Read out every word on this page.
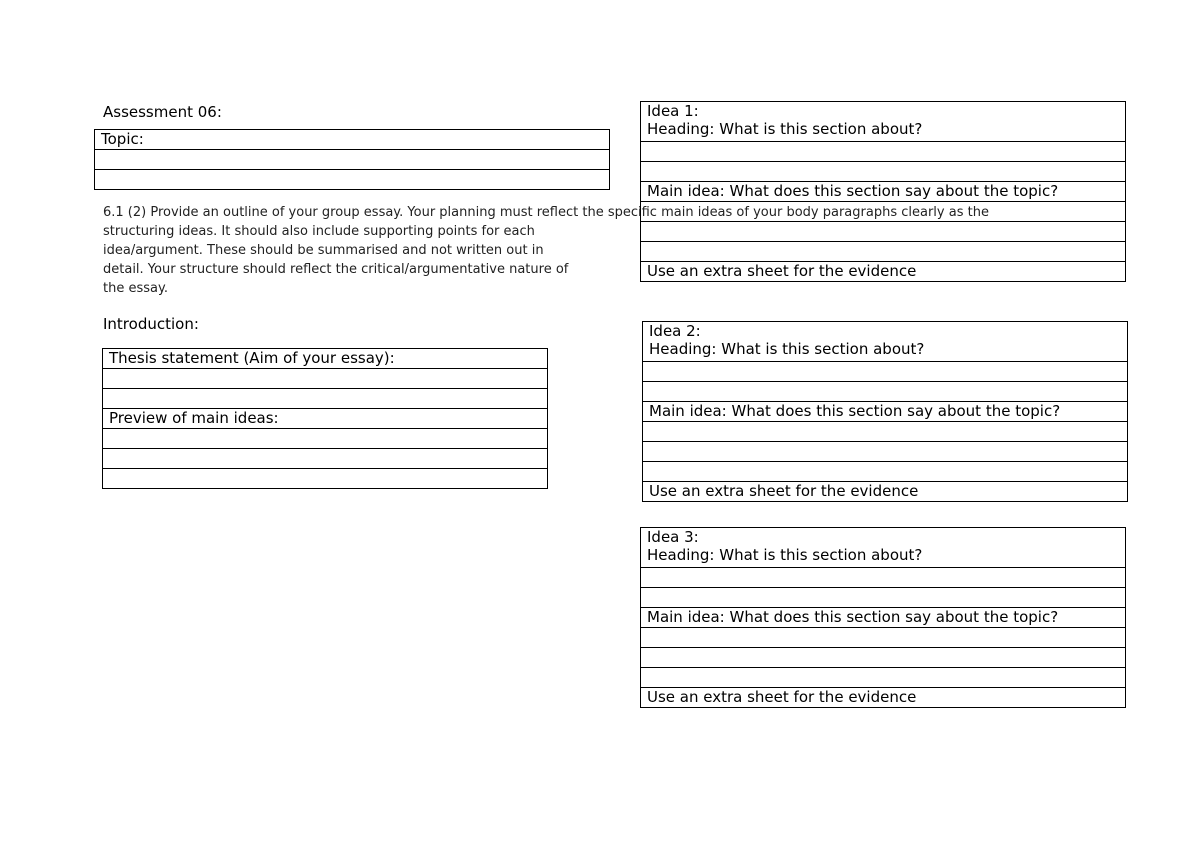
Assessment 06:
Topic:

6.1 (2) Provide an outline of your group essay. Your planning must reflect the specific main ideas of your body paragraphs clearly as the
structuring ideas. It should also include supporting points for each
idea/argument. These should be summarised and not written out in
detail. Your structure should reflect the critical/argumentative nature of
the essay.
Introduction:
Thesis statement (Aim of your essay):

Preview of main ideas:

Idea 1:
Heading: What is this section about?

Main idea: What does this section say about the topic?

Use an extra sheet for the evidence
Idea 2:
Heading: What is this section about?

Main idea: What does this section say about the topic?

Use an extra sheet for the evidence
Idea 3:
Heading: What is this section about?

Main idea: What does this section say about the topic?

Use an extra sheet for the evidence
